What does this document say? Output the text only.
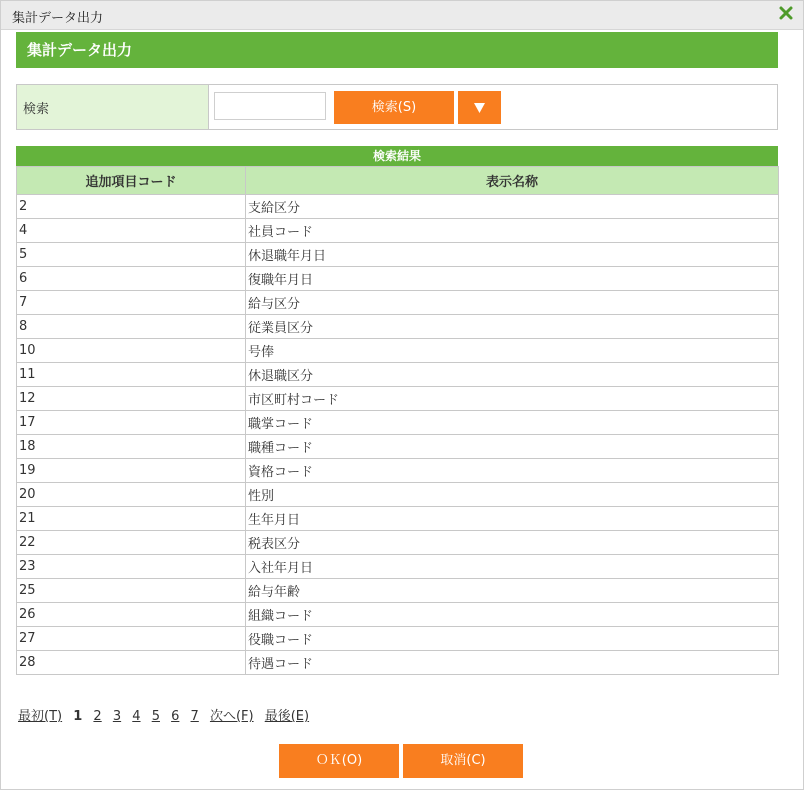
集計データ出力
集計データ出力
検索	検索(S)
検索結果
追加項目コード	表示名称
2	支給区分
4	社員コード
5	休退職年月日
6	復職年月日
7	給与区分
8	従業員区分
10	号俸
11	休退職区分
12	市区町村コード
17	職掌コード
18	職種コード
19	資格コード
20	性別
21	生年月日
22	税表区分
23	入社年月日
25	給与年齢
26	組織コード
27	役職コード
28	待遇コード
最初(T) 1 2 3 4 5 6 7 次へ(F) 最後(E)
ＯＫ(O)	取消(C)
